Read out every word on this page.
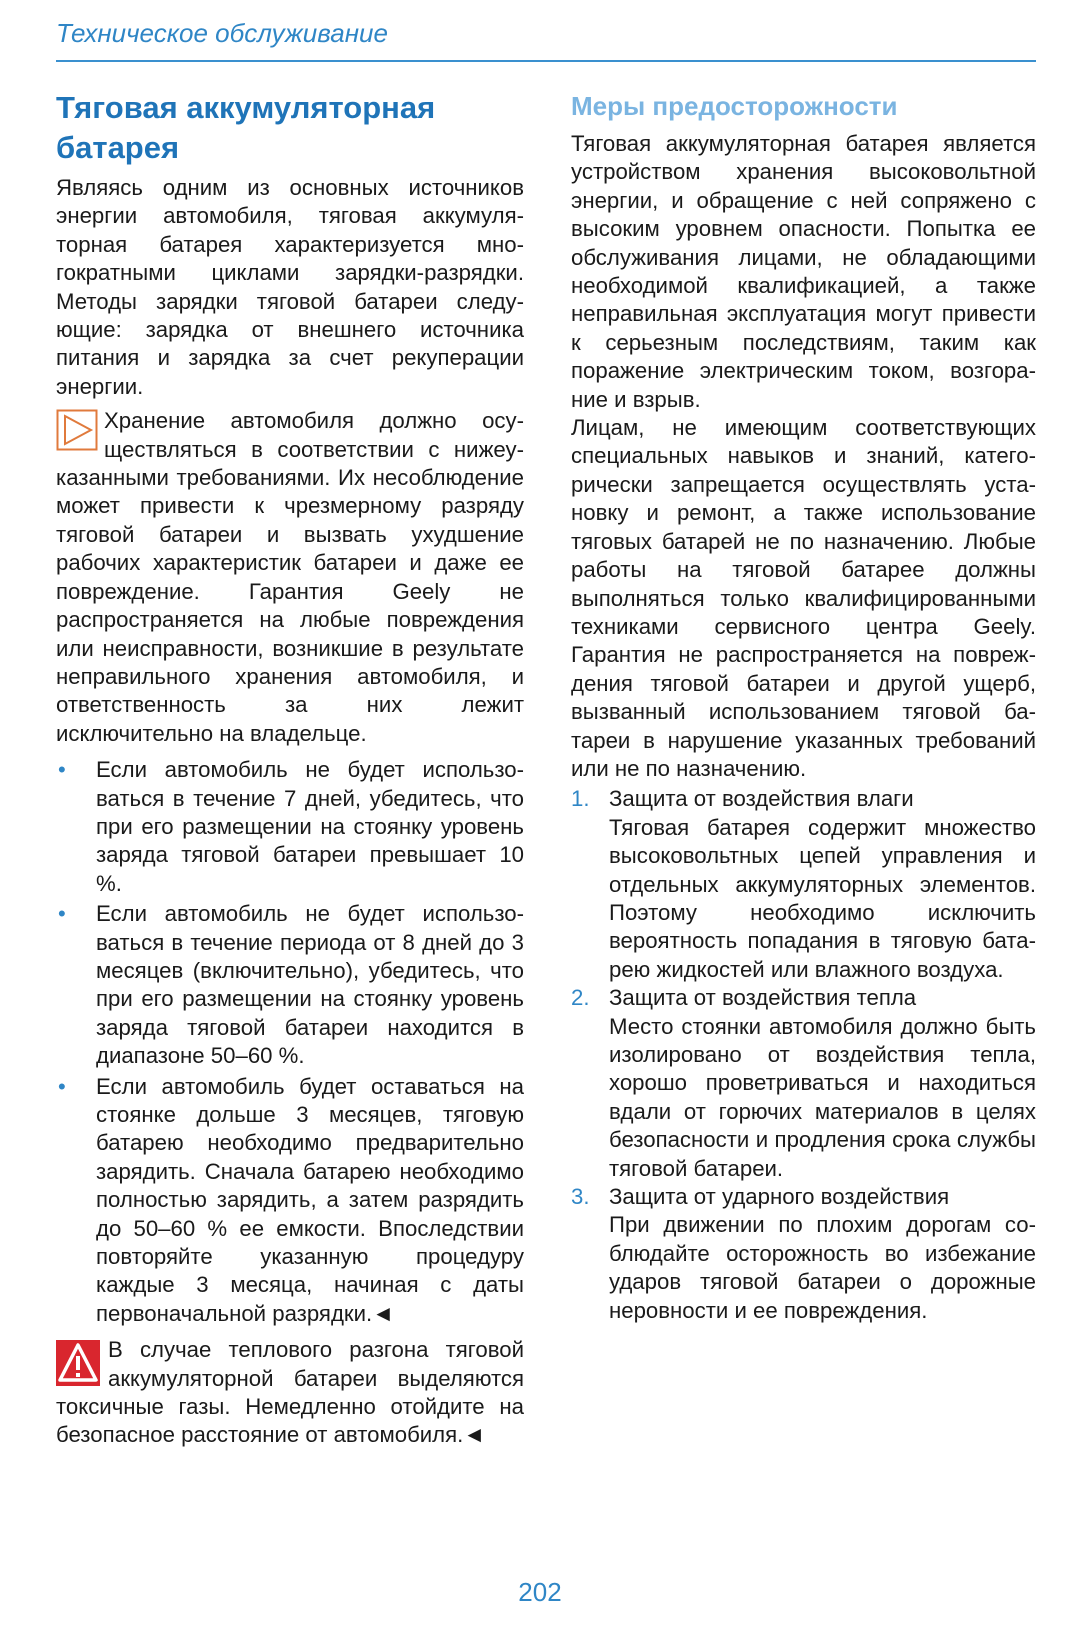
Техническое обслуживание
Тяговая аккумуляторная батарея

Являясь одним из основных источников энергии автомобиля, тяговая аккумуляторная батарея характеризуется многократными циклами зарядки-разрядки. Методы зарядки тяговой батареи следующие: зарядка от внешнего источника питания и зарядка за счет рекуперации энергии.

Хранение автомобиля должно осуществляться в соответствии с нижеуказанными требованиями. Их несоблюдение может привести к чрезмерному разряду тяговой батареи и вызвать ухудшение рабочих характеристик батареи и даже ее повреждение. Гарантия Geely не распространяется на любые повреждения или неисправности, возникшие в результате неправильного хранения автомобиля, и ответственность за них лежит исключительно на владельце.

• Если автомобиль не будет использоваться в течение 7 дней, убедитесь, что при его размещении на стоянку уровень заряда тяговой батареи превышает 10 %.

• Если автомобиль не будет использоваться в течение периода от 8 дней до 3 месяцев (включительно), убедитесь, что при его размещении на стоянку уровень заряда тяговой батареи находится в диапазоне 50–60 %.

• Если автомобиль будет оставаться на стоянке дольше 3 месяцев, тяговую батарею необходимо предварительно зарядить. Сначала батарею необходимо полностью зарядить, а затем разрядить до 50–60 % ее емкости. Впоследствии повторяйте указанную процедуру каждые 3 месяца, начиная с даты первоначальной разрядки.◄

В случае теплового разгона тяговой аккумуляторной батареи выделяются токсичные газы. Немедленно отойдите на безопасное расстояние от автомобиля.◄

Меры предосторожности

Тяговая аккумуляторная батарея является устройством хранения высоковольтной энергии, и обращение с ней сопряжено с высоким уровнем опасности. Попытка ее обслуживания лицами, не обладающими необходимой квалификацией, а также неправильная эксплуатация могут привести к серьезным последствиям, таким как поражение электрическим током, возгорание и взрыв.

Лицам, не имеющим соответствующих специальных навыков и знаний, категорически запрещается осуществлять установку и ремонт, а также использование тяговых батарей не по назначению. Любые работы на тяговой батарее должны выполняться только квалифицированными техниками сервисного центра Geely. Гарантия не распространяется на повреждения тяговой батареи и другой ущерб, вызванный использованием тяговой батареи в нарушение указанных требований или не по назначению.

1. Защита от воздействия влаги

Тяговая батарея содержит множество высоковольтных цепей управления и отдельных аккумуляторных элементов. Поэтому необходимо исключить вероятность попадания в тяговую батарею жидкостей или влажного воздуха.

2. Защита от воздействия тепла

Место стоянки автомобиля должно быть изолировано от воздействия тепла, хорошо проветриваться и находиться вдали от горючих материалов в целях безопасности и продления срока службы тяговой батареи.

3. Защита от ударного воздействия

При движении по плохим дорогам соблюдайте осторожность во избежание ударов тяговой батареи о дорожные неровности и ее повреждения.

202
